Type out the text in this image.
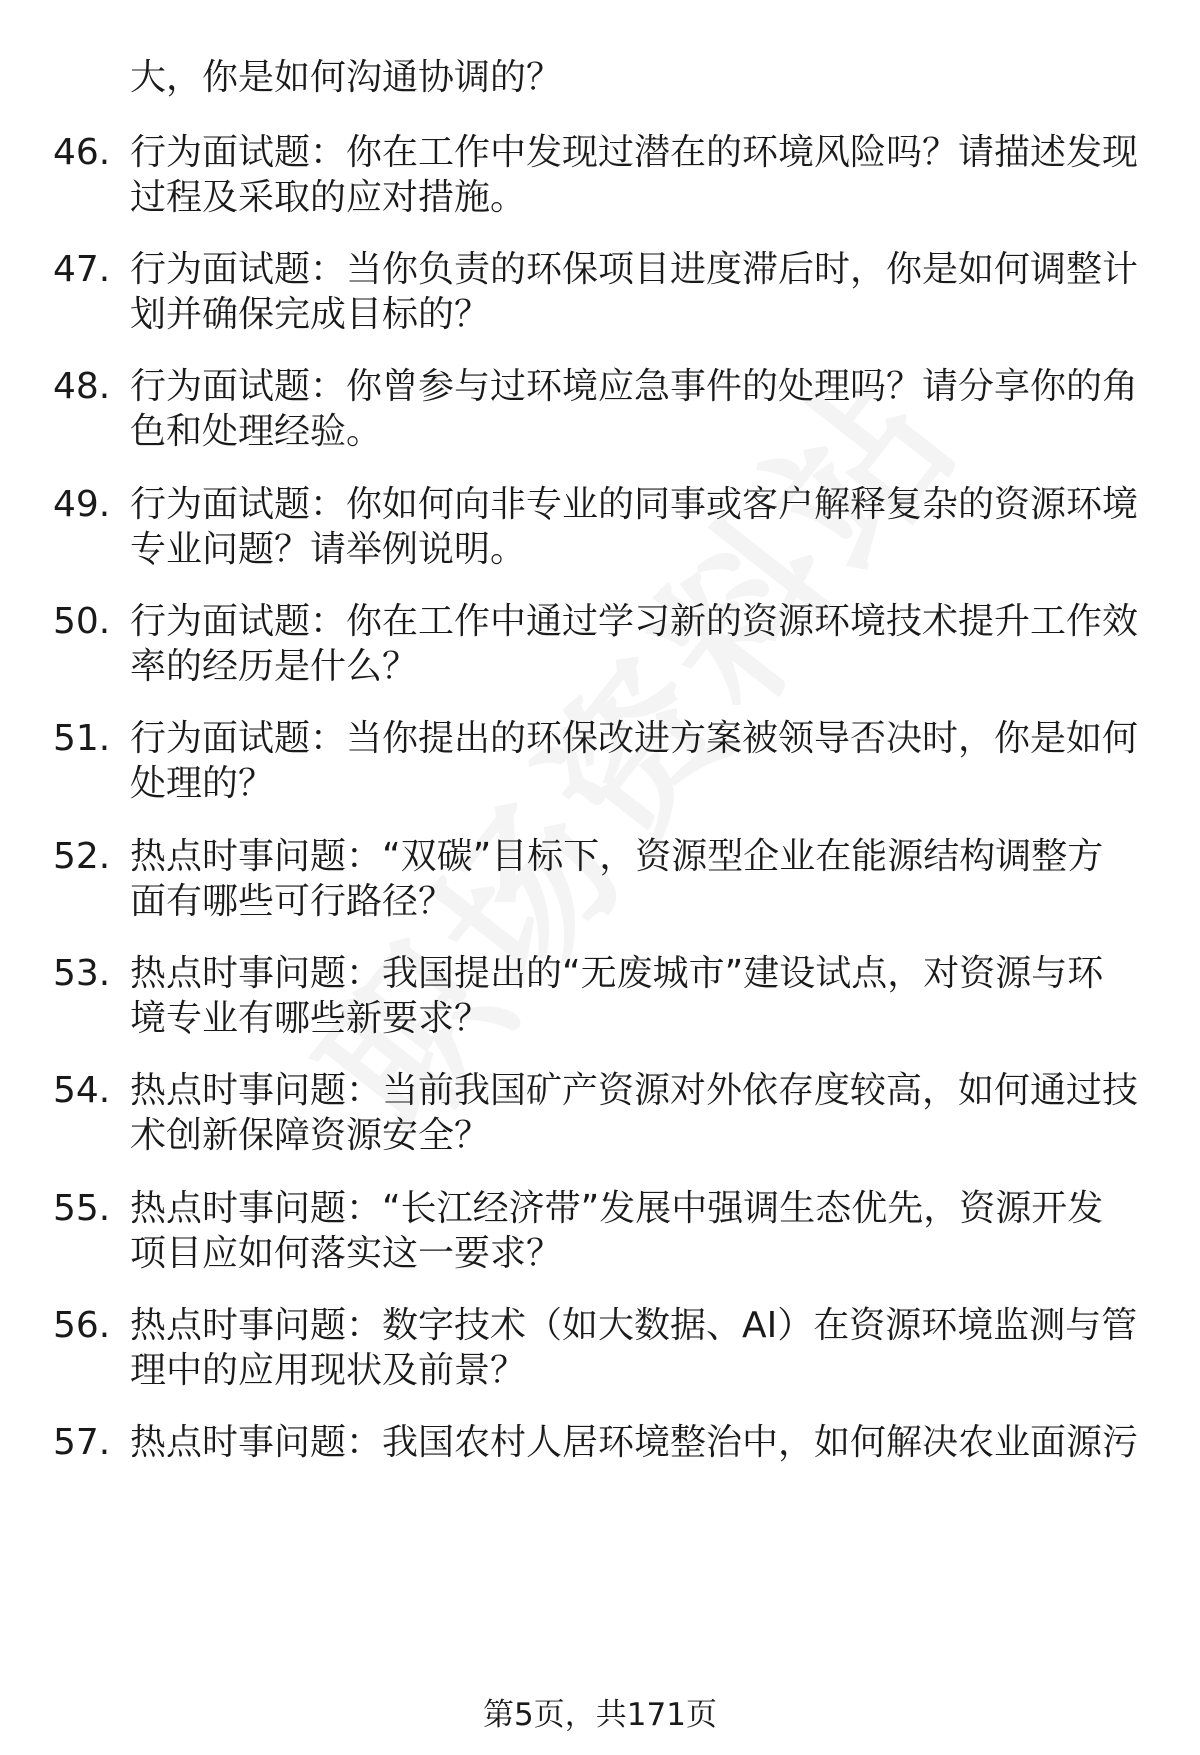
大，你是如何沟通协调的？
46. 行为面试题：你在工作中发现过潜在的环境风险吗？请描述发现
过程及采取的应对措施。
47. 行为面试题：当你负责的环保项目进度滞后时，你是如何调整计
划并确保完成目标的？
48. 行为面试题：你曾参与过环境应急事件的处理吗？请分享你的角
色和处理经验。
49. 行为面试题：你如何向非专业的同事或客户解释复杂的资源环境
专业问题？请举例说明。
50. 行为面试题：你在工作中通过学习新的资源环境技术提升工作效
率的经历是什么？
51. 行为面试题：当你提出的环保改进方案被领导否决时，你是如何
处理的？
52. 热点时事问题：“双碳”目标下，资源型企业在能源结构调整方
面有哪些可行路径？
53. 热点时事问题：我国提出的“无废城市”建设试点，对资源与环
境专业有哪些新要求？
54. 热点时事问题：当前我国矿产资源对外依存度较高，如何通过技
术创新保障资源安全？
55. 热点时事问题：“长江经济带”发展中强调生态优先，资源开发
项目应如何落实这一要求？
56. 热点时事问题：数字技术（如大数据、AI）在资源环境监测与管
理中的应用现状及前景？
57. 热点时事问题：我国农村人居环境整治中，如何解决农业面源污
第5页，共171页
